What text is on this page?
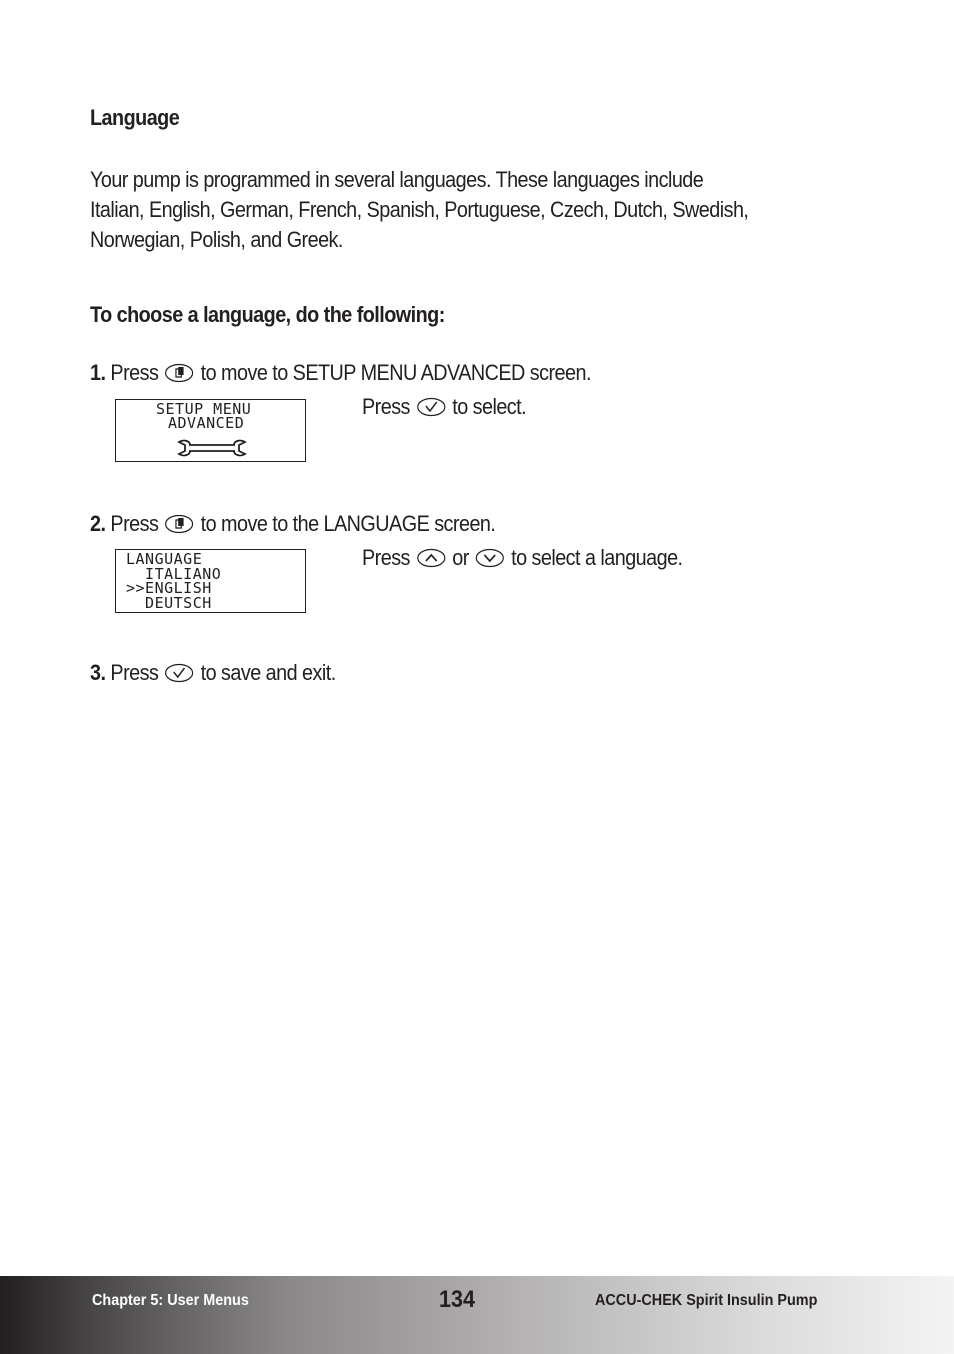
Language
Your pump is programmed in several languages. These languages include
Italian, English, German, French, Spanish, Portuguese, Czech, Dutch, Swedish,
Norwegian, Polish, and Greek.
To choose a language, do the following:
1. Press to move to SETUP MENU ADVANCED screen.
SETUP MENU
ADVANCED
Press to select.
2. Press to move to the LANGUAGE screen.
LANGUAGE
ITALIANO
>>ENGLISH
DEUTSCH
Press or to select a language.
3. Press to save and exit.
Chapter 5: User Menus	134	ACCU-CHEK Spirit Insulin Pump
